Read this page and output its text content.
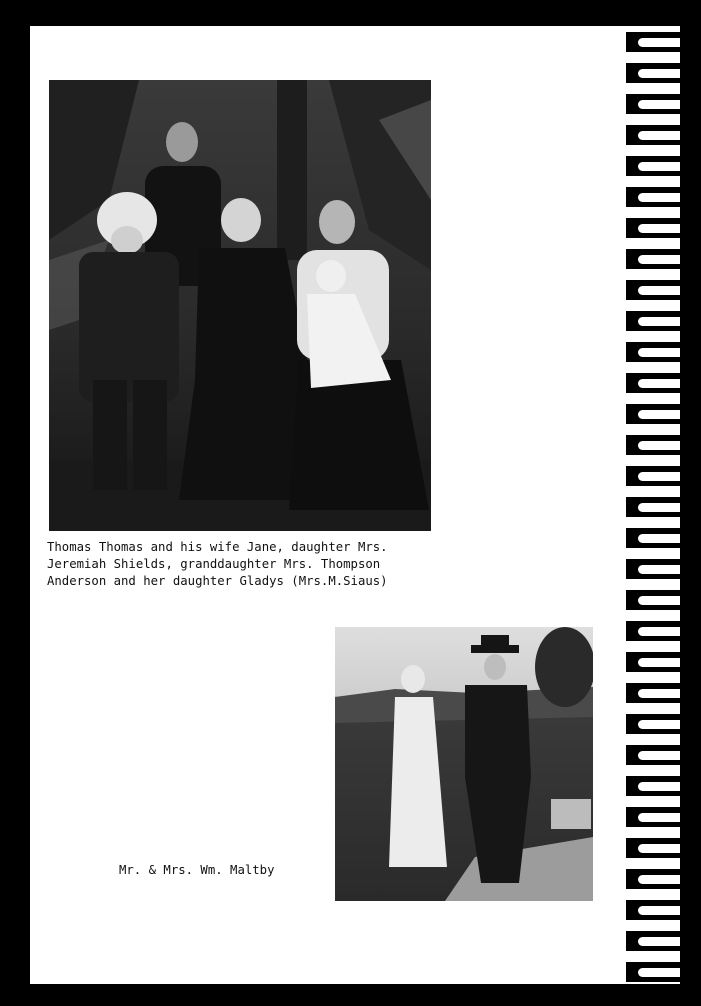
Thomas Thomas and his wife Jane, daughter Mrs.
Jeremiah Shields, granddaughter Mrs. Thompson
Anderson and her daughter Gladys (Mrs.M.Siaus)
Mr. & Mrs. Wm. Maltby
